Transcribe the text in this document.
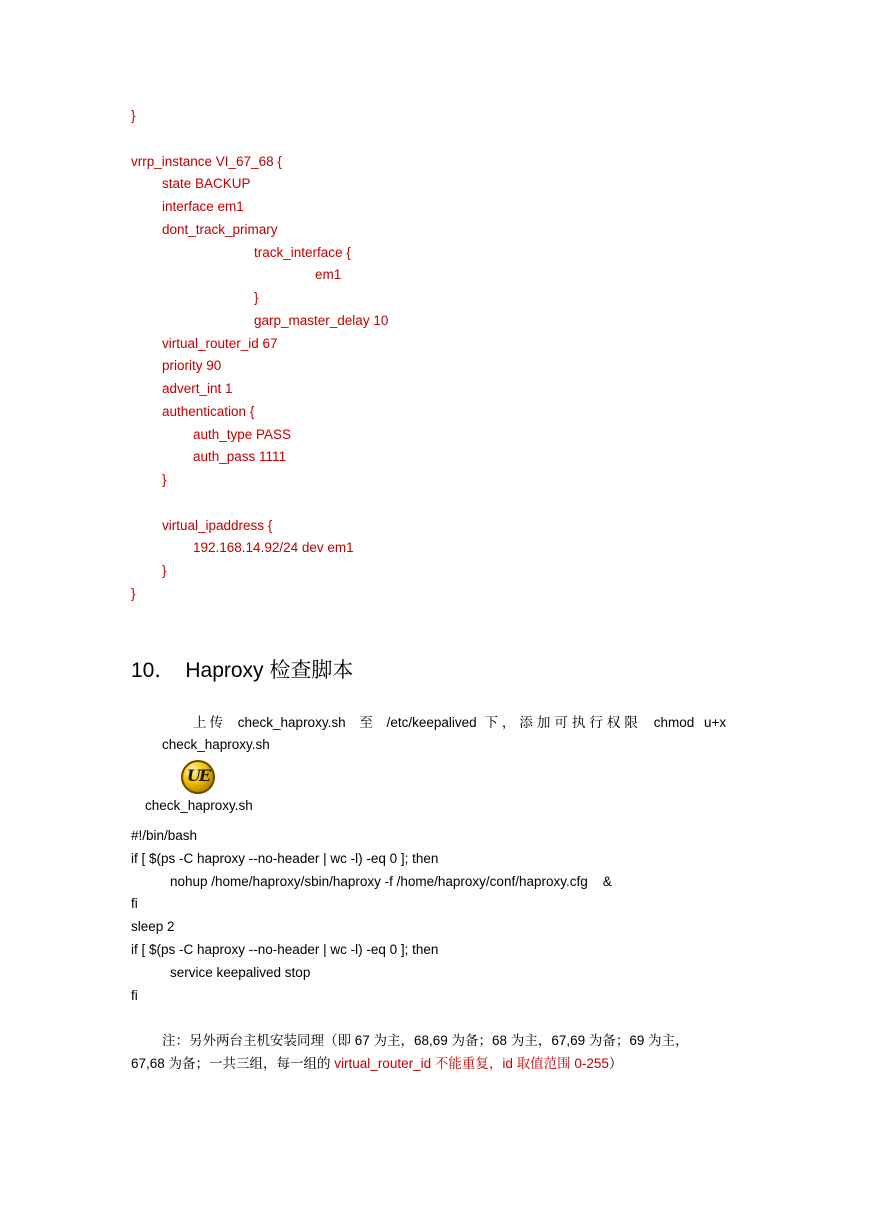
}
vrrp_instance VI_67_68 {
state BACKUP
interface em1
dont_track_primary
track_interface {
em1
}
garp_master_delay 10
virtual_router_id 67
priority 90
advert_int 1
authentication {
auth_type PASS
auth_pass 1111
}
virtual_ipaddress {
192.168.14.92/24 dev em1
}
}
10． Haproxy 检查脚本
上传 check_haproxy.sh 至 /etc/keepalived 下，添加可执行权限 chmod u+x
check_haproxy.sh
UE
check_haproxy.sh
#!/bin/bash
if [ $(ps -C haproxy --no-header | wc -l) -eq 0 ]; then
nohup /home/haproxy/sbin/haproxy -f /home/haproxy/conf/haproxy.cfg    &
fi
sleep 2
if [ $(ps -C haproxy --no-header | wc -l) -eq 0 ]; then
service keepalived stop
fi
注：另外两台主机安装同理（即 67 为主，68,69 为备；68 为主，67,69 为备；69 为主，
67,68 为备；一共三组，每一组的 virtual_router_id 不能重复，id 取值范围 0-255）
